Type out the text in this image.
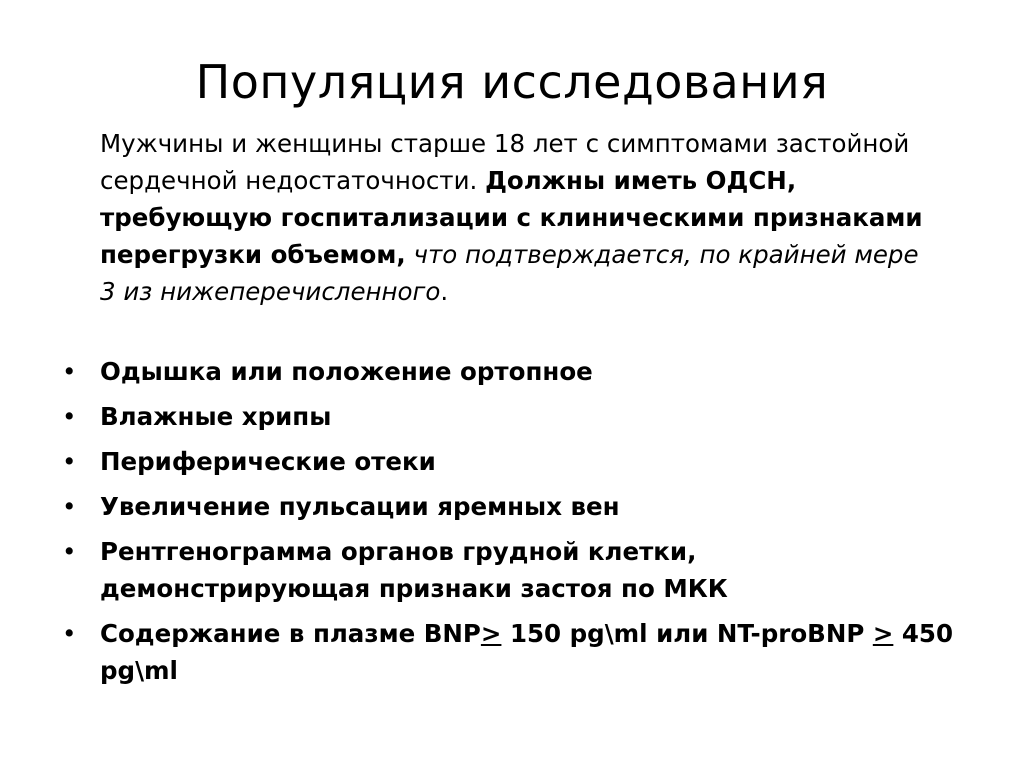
Популяция исследования
Мужчины и женщины старше 18 лет с симптомами застойной сердечной недостаточности. Должны иметь ОДСН, требующую госпитализации с клиническими признаками перегрузки объемом, что подтверждается, по крайней мере 3 из нижеперечисленного.
• Одышка или положение ортопное
• Влажные хрипы
• Периферические отеки
• Увеличение пульсации яремных вен
• Рентгенограмма органов грудной клетки, демонстрирующая признаки застоя по МКК
• Содержание в плазме BNP≥ 150 pg\ml или NT-proBNP ≥ 450 pg\ml
